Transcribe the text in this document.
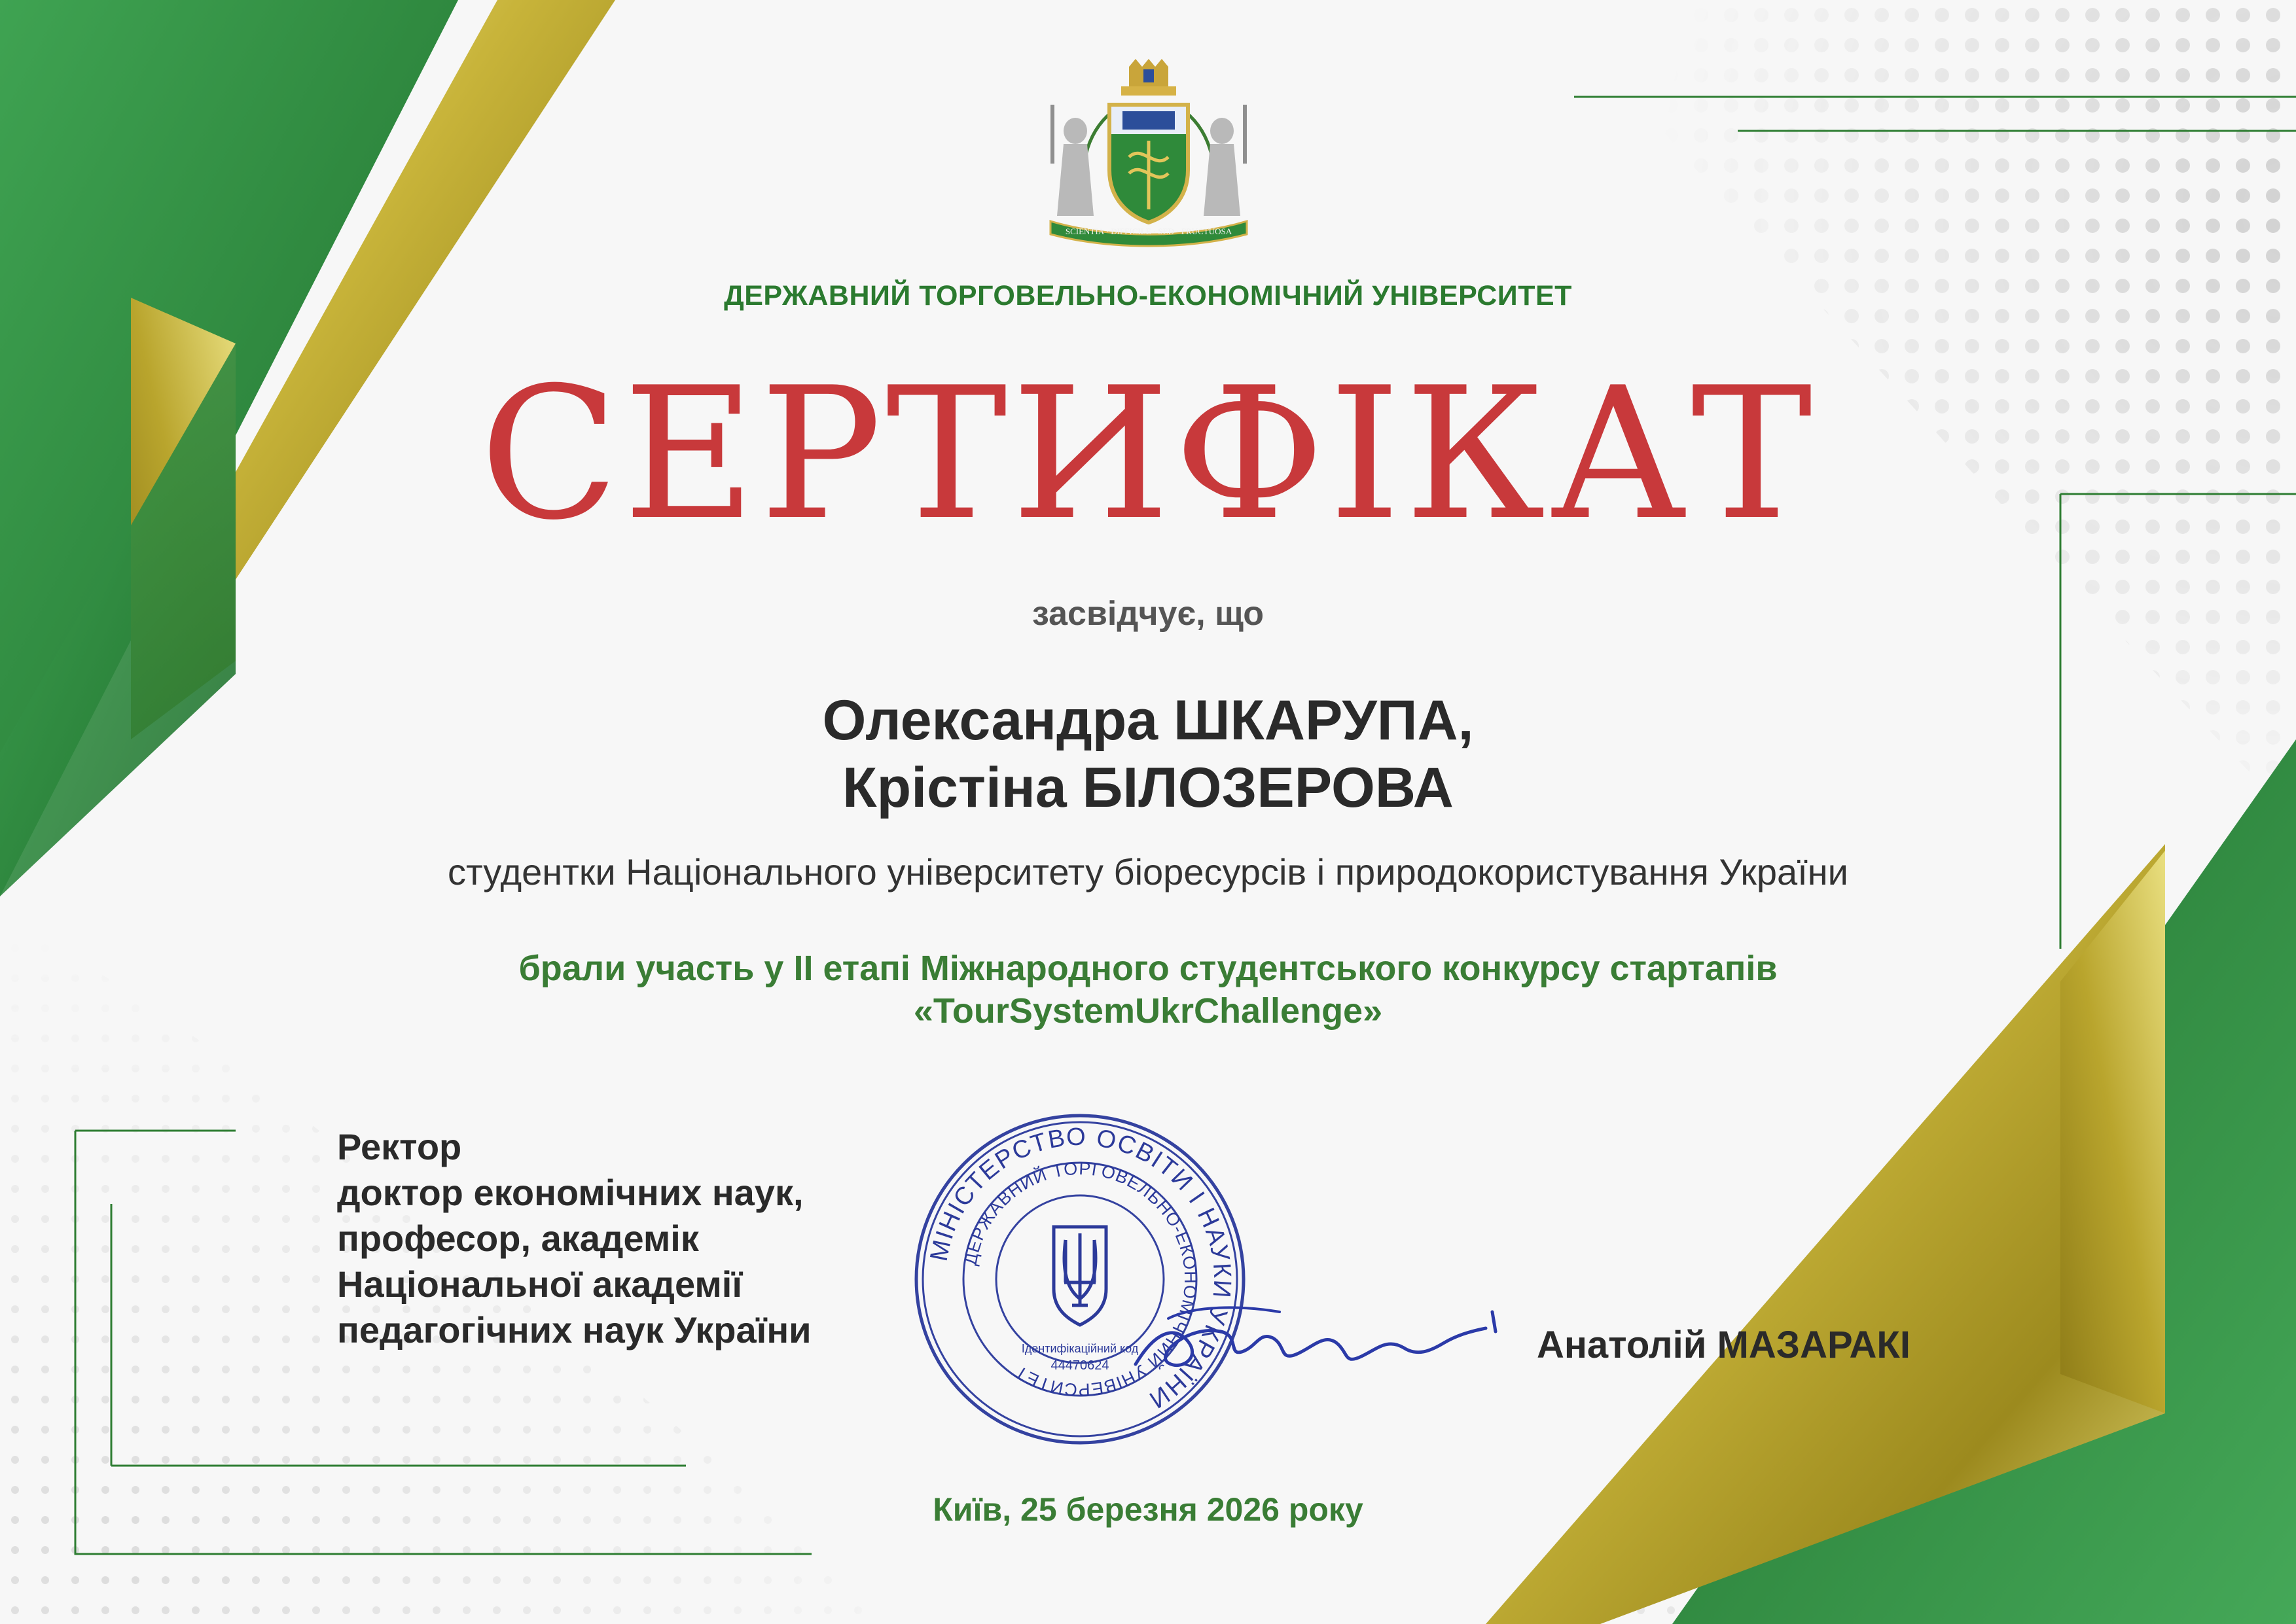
SCIENTIA · DIFFICILE · SED · FRUCTUOSA
ДЕРЖАВНИЙ ТОРГОВЕЛЬНО-ЕКОНОМІЧНИЙ УНІВЕРСИТЕТ
СЕРТИФІКАТ
засвідчує, що
Олександра ШКАРУПА,
Крістіна БІЛОЗЕРОВА
студентки Національного університету біоресурсів і природокористування України
брали участь у ІІ етапі Міжнародного студентського конкурсу стартапів
«TourSystemUkrChallenge»
Ректор
доктор економічних наук,
професор, академік
Національної академії
педагогічних наук України
МІНІСТЕРСТВО ОСВІТИ І НАУКИ УКРАЇНИ
ДЕРЖАВНИЙ ТОРГОВЕЛЬНО-ЕКОНОМІЧНИЙ УНІВЕРСИТЕТ
Ідентифікаційний код
44470624	Анатолій МАЗАРАКІ
Київ, 25 березня 2026 року
